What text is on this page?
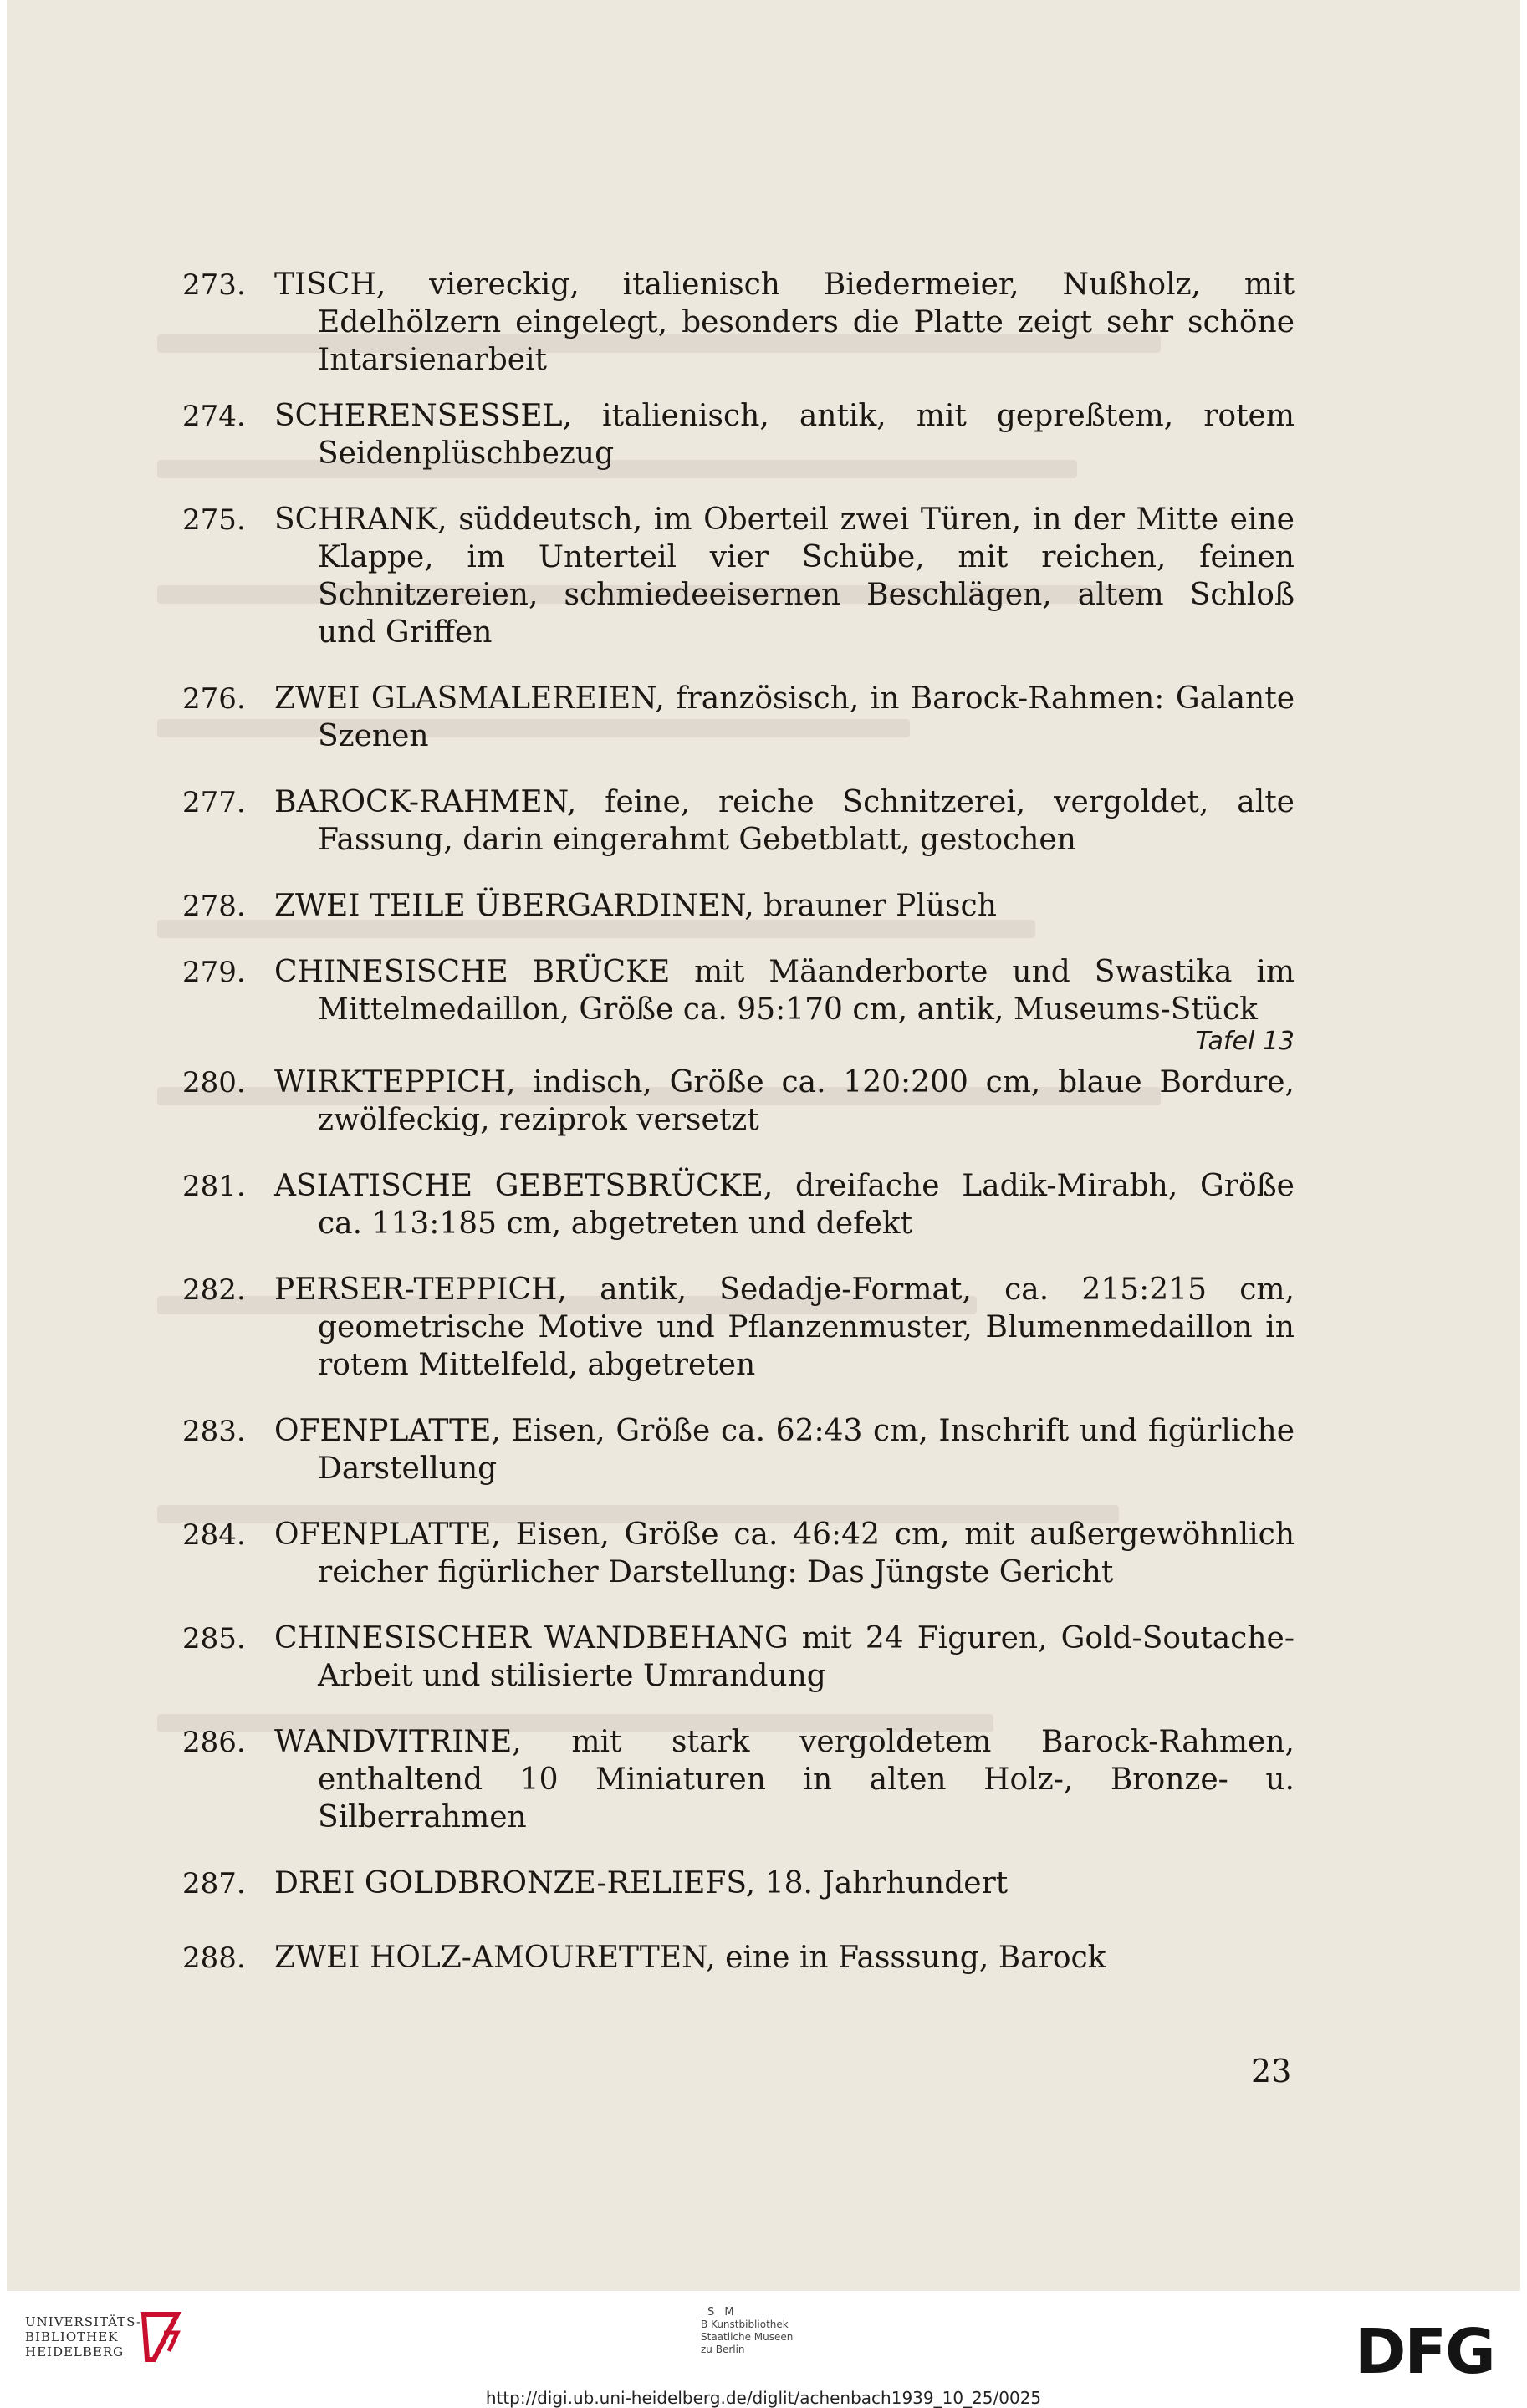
273. TISCH, viereckig, italienisch Biedermeier, Nußholz, mit Edelhölzern eingelegt, besonders die Platte zeigt sehr schöne Intarsienarbeit
274. SCHERENSESSEL, italienisch, antik, mit gepreßtem, rotem Seidenplüschbezug
275. SCHRANK, süddeutsch, im Oberteil zwei Türen, in der Mitte eine Klappe, im Unterteil vier Schübe, mit reichen, feinen Schnitzereien, schmiedeeisernen Beschlägen, altem Schloß und Griffen
276. ZWEI GLASMALEREIEN, französisch, in Barock-Rahmen: Galante Szenen
277. BAROCK-RAHMEN, feine, reiche Schnitzerei, vergoldet, alte Fassung, darin eingerahmt Gebetblatt, gestochen
278. ZWEI TEILE ÜBERGARDINEN, brauner Plüsch
279. CHINESISCHE BRÜCKE mit Mäanderborte und Swastika im Mittelmedaillon, Größe ca. 95:170 cm, antik, Museums-Stück
Tafel 13
280. WIRKTEPPICH, indisch, Größe ca. 120:200 cm, blaue Bordure, zwölfeckig, reziprok versetzt
281. ASIATISCHE GEBETSBRÜCKE, dreifache Ladik-Mirabh, Größe ca. 113:185 cm, abgetreten und defekt
282. PERSER-TEPPICH, antik, Sedadje-Format, ca. 215:215 cm, geometrische Motive und Pflanzenmuster, Blumenmedaillon in rotem Mittelfeld, abgetreten
283. OFENPLATTE, Eisen, Größe ca. 62:43 cm, Inschrift und figürliche Darstellung
284. OFENPLATTE, Eisen, Größe ca. 46:42 cm, mit außergewöhnlich reicher figürlicher Darstellung: Das Jüngste Gericht
285. CHINESISCHER WANDBEHANG mit 24 Figuren, Gold-Soutache-Arbeit und stilisierte Umrandung
286. WANDVITRINE, mit stark vergoldetem Barock-Rahmen, enthaltend 10 Miniaturen in alten Holz-, Bronze- u. Silberrahmen
287. DREI GOLDBRONZE-RELIEFS, 18. Jahrhundert
288. ZWEI HOLZ-AMOURETTEN, eine in Fasssung, Barock
23
UNIVERSITÄTS-
BIBLIOTHEK
HEIDELBERG
S M
B Kunstbibliothek
Staatliche Museen
zu Berlin	DFG
http://digi.ub.uni-heidelberg.de/diglit/achenbach1939_10_25/0025
